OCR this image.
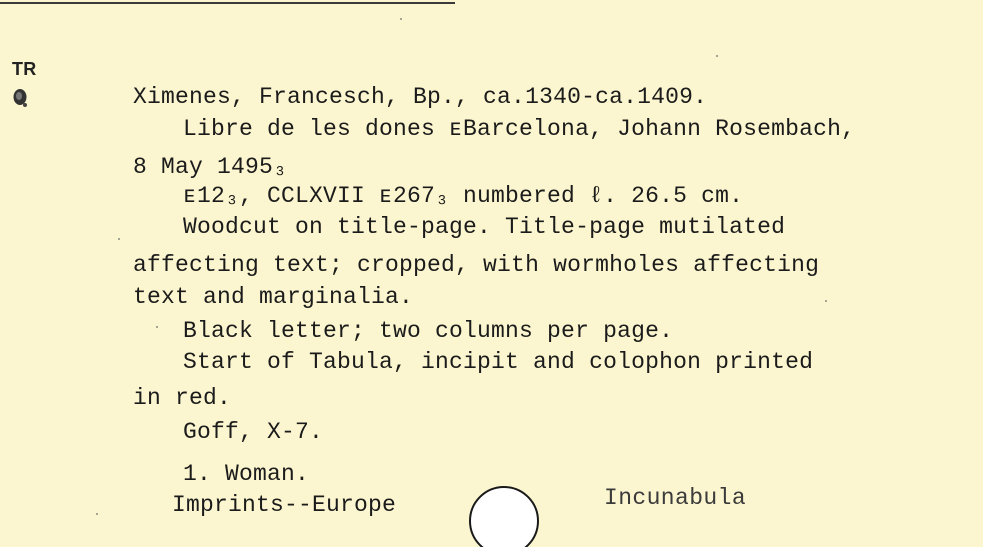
TR
Ximenes, Francesch, Bp., ca.1340-ca.1409.
Libre de les dones ᴇBarcelona, Johann Rosembach,
8 May 1495₃
ᴇ12₃, CCLXVII ᴇ267₃ numbered ℓ. 26.5 cm.
Woodcut on title-page. Title-page mutilated
affecting text; cropped, with wormholes affecting
text and marginalia.
Black letter; two columns per page.
Start of Tabula, incipit and colophon printed
in red.
Goff, X-7.
1. Woman.
Imprints--Europe	Incunabula
